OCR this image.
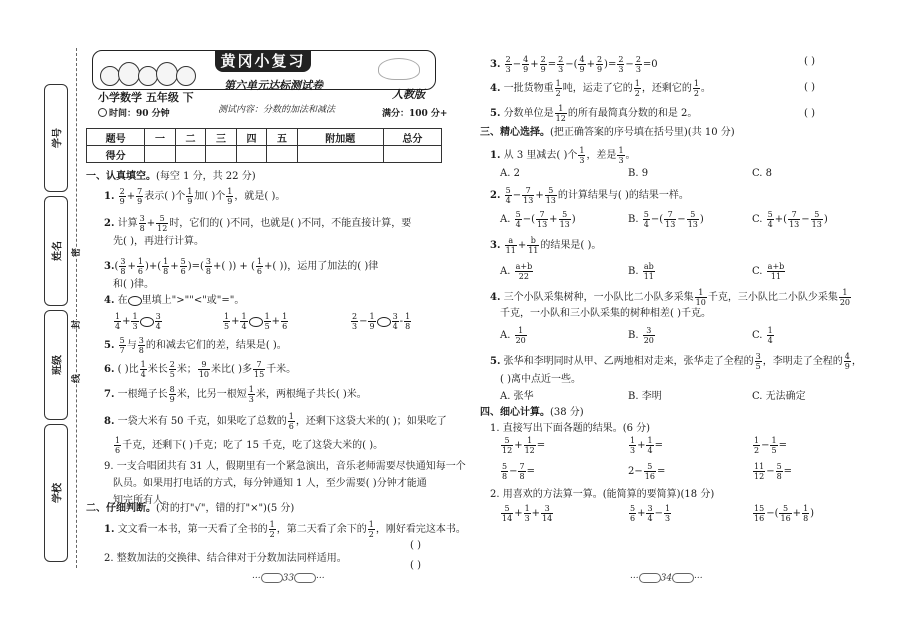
学号
姓名
班级
学校
密
封
线
黄冈小复习
小学数学 五年级 下
第六单元达标测试卷
人教版
时间：90 分钟	测试内容：分数的加法和减法	满分：100 分+
题号	一	二	三	四	五	附加题	总分
得分							
一、认真填空。(每空 1 分，共 22 分)
1. $\frac{2}{9} + \frac{7}{9}$ 表示( )个 $\frac{1}{9}$ 加( )个 $\frac{1}{9}$ ，就是( )。
2. 计算 $\frac{3}{8} + \frac{5}{12}$ 时，它们的( )不同，也就是( )不同，不能直接计算，要
先( )，再进行计算。
$3.( \frac{3}{8} + \frac{1}{6}$ )+( $\frac{1}{8} + \frac{5}{6}$ )=( $\frac{3}{8}$ +( )) + ( $\frac{1}{6}$ +( ))，运用了加法的( )律
和( )律。
4. 在 里填上">""<"或"="。
$\frac{1}{4} + \frac{1}{3} \frac{3}{4}$	$\frac{1}{5} + \frac{1}{4} \frac{1}{5} + \frac{1}{6}$	$\frac{2}{3} - \frac{1}{9} \frac{3}{4} - \frac{1}{8}$
5. $\frac{5}{7}$ 与 $\frac{3}{8}$ 的和减去它们的差，结果是( )。
6. ( )比 $\frac{1}{4}$ 米长 $\frac{2}{5}$ 米； $\frac{9}{10}$ 米比( )多 $\frac{7}{15}$ 千米。
7. 一根绳子长 $\frac{8}{9}$ 米，比另一根短 $\frac{1}{3}$ 米，两根绳子共长( )米。
8. 一袋大米有 50 千克，如果吃了总数的 $\frac{1}{6}$ ，还剩下这袋大米的( )；如果吃了
$\frac{1}{6}$ 千克，还剩下( )千克；吃了 15 千克，吃了这袋大米的( )。
9. 一支合唱团共有 31 人，假期里有一个紧急演出，音乐老师需要尽快通知每一个
队员。如果用打电话的方式，每分钟通知 1 人，至少需要( )分钟才能通
知完所有人。
二、仔细判断。(对的打"√"，错的打"×")(5 分)
1. 文文看一本书，第一天看了全书的 $\frac{1}{2}$ ，第二天看了余下的 $\frac{1}{2}$ ，刚好看完这本书。
( )
2. 整数加法的交换律、结合律对于分数加法同样适用。
( )
··· 33 ···
3. $\frac{2}{3} - \frac{4}{9} + \frac{2}{9} = \frac{2}{3}$ −( $\frac{4}{9} + \frac{2}{9}$ )= $\frac{2}{3} - \frac{2}{3} =0$	( )
4. 一批货物重 $\frac{1}{2}$ 吨，运走了它的 $\frac{1}{2}$ ，还剩它的 $\frac{1}{2}$ 。	( )
5. 分数单位是 $\frac{1}{12}$ 的所有最简真分数的和是 2。	( )
三、精心选择。(把正确答案的序号填在括号里)(共 10 分)
1. 从 3 里减去( )个 $\frac{1}{3}$ ，差是 $\frac{1}{3}$ 。
A. 2	B. 9	C. 8
2. $\frac{5}{4} - \frac{7}{13} + \frac{5}{13}$ 的计算结果与( )的结果一样。
A. $\frac{5}{4}$ −( $\frac{7}{13} + \frac{5}{13}$ )	B. $\frac{5}{4}$ −( $\frac{7}{13} - \frac{5}{13}$ )	C. $\frac{5}{4}$ +( $\frac{7}{13} - \frac{5}{13}$ )
3. $\frac{a}{11} + \frac{b}{11}$ 的结果是( )。
A. $\frac{a+b}{22}$	B. $\frac{ab}{11}$	C. $\frac{a+b}{11}$
4. 三个小队采集树种，一小队比二小队多采集 $\frac{1}{10}$ 千克，三小队比二小队少采集 $\frac{1}{20}$
千克，一小队和三小队采集的树种相差( )千克。
A. $\frac{1}{20}$	B. $\frac{3}{20}$	C. $\frac{1}{4}$
5. 张华和李明同时从甲、乙两地相对走来，张华走了全程的 $\frac{3}{5}$ ，李明走了全程的 $\frac{4}{9}$ ，
( )离中点近一些。
A. 张华	B. 李明	C. 无法确定
四、细心计算。(38 分)
1. 直接写出下面各题的结果。(6 分)
$\frac{5}{12} + \frac{1}{12}$ =	$\frac{1}{3} + \frac{1}{4}$ =	$\frac{1}{2} - \frac{1}{5}$ =
$\frac{5}{8} - \frac{7}{8}$ =	$2- \frac{5}{16}$ =	$\frac{11}{12} - \frac{5}{8}$ =
2. 用喜欢的方法算一算。(能简算的要简算)(18 分)
$\frac{5}{14} + \frac{1}{3} + \frac{3}{14}$	$\frac{5}{6} + \frac{3}{4} - \frac{1}{3}$	$\frac{15}{16}$ −( $\frac{5}{16} + \frac{1}{8}$ )
··· 34 ···
